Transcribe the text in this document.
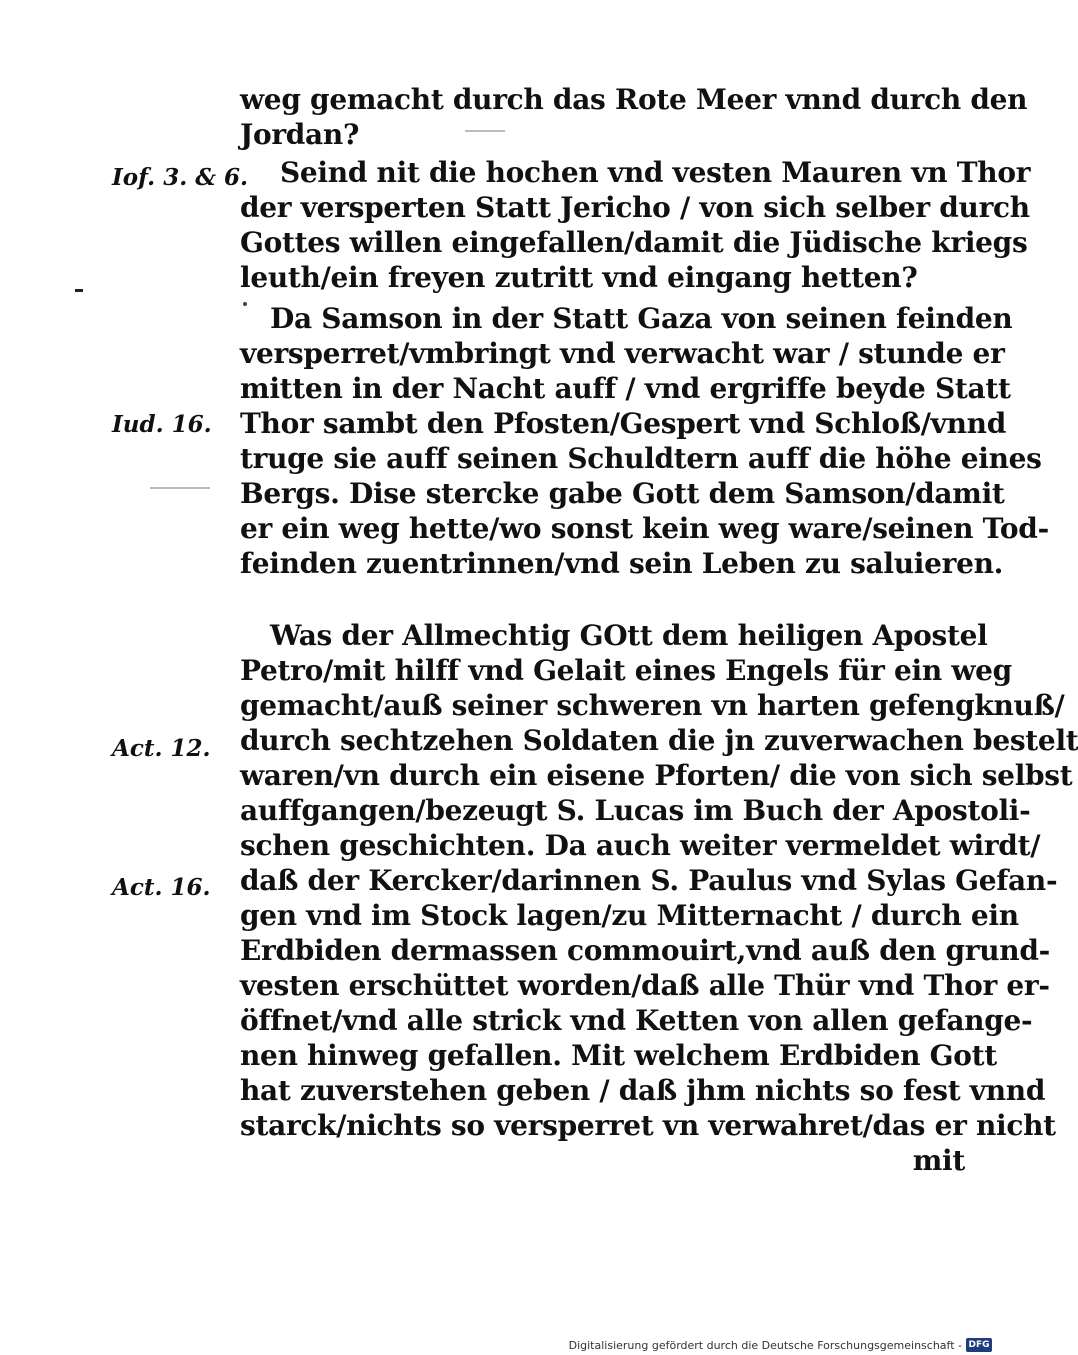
Iof. 3. & 6.
Iud. 16.
Act. 12.
Act. 16.
weg gemacht durch das Rote Meer vnnd durch den
Jordan?
Seind nit die hochen vnd vesten Mauren vn Thor
der versperten Statt Jericho / von sich selber durch
Gottes willen eingefallen/damit die Jüdische kriegs
leuth/ein freyen zutritt vnd eingang hetten?
Da Samson in der Statt Gaza von seinen feinden
versperret/vmbringt vnd verwacht war / stunde er
mitten in der Nacht auff / vnd ergriffe beyde Statt
Thor sambt den Pfosten/Gespert vnd Schloß/vnnd
truge sie auff seinen Schuldtern auff die höhe eines
Bergs. Dise stercke gabe Gott dem Samson/damit
er ein weg hette/wo sonst kein weg ware/seinen Tod-
feinden zuentrinnen/vnd sein Leben zu saluieren.
Was der Allmechtig GOtt dem heiligen Apostel
Petro/mit hilff vnd Gelait eines Engels für ein weg
gemacht/auß seiner schweren vn harten gefengknuß/
durch sechtzehen Soldaten die jn zuverwachen bestelt
waren/vn durch ein eisene Pforten/ die von sich selbst
auffgangen/bezeugt S. Lucas im Buch der Apostoli-
schen geschichten. Da auch weiter vermeldet wirdt/
daß der Kercker/darinnen S. Paulus vnd Sylas Gefan-
gen vnd im Stock lagen/zu Mitternacht / durch ein
Erdbiden dermassen commouirt,vnd auß den grund-
vesten erschüttet worden/daß alle Thür vnd Thor er-
öffnet/vnd alle strick vnd Ketten von allen gefange-
nen hinweg gefallen. Mit welchem Erdbiden Gott
hat zuverstehen geben / daß jhm nichts so fest vnnd
starck/nichts so versperret vn verwahret/das er nicht
mit
Digitalisierung gefördert durch die Deutsche Forschungsgemeinschaft - DFG
